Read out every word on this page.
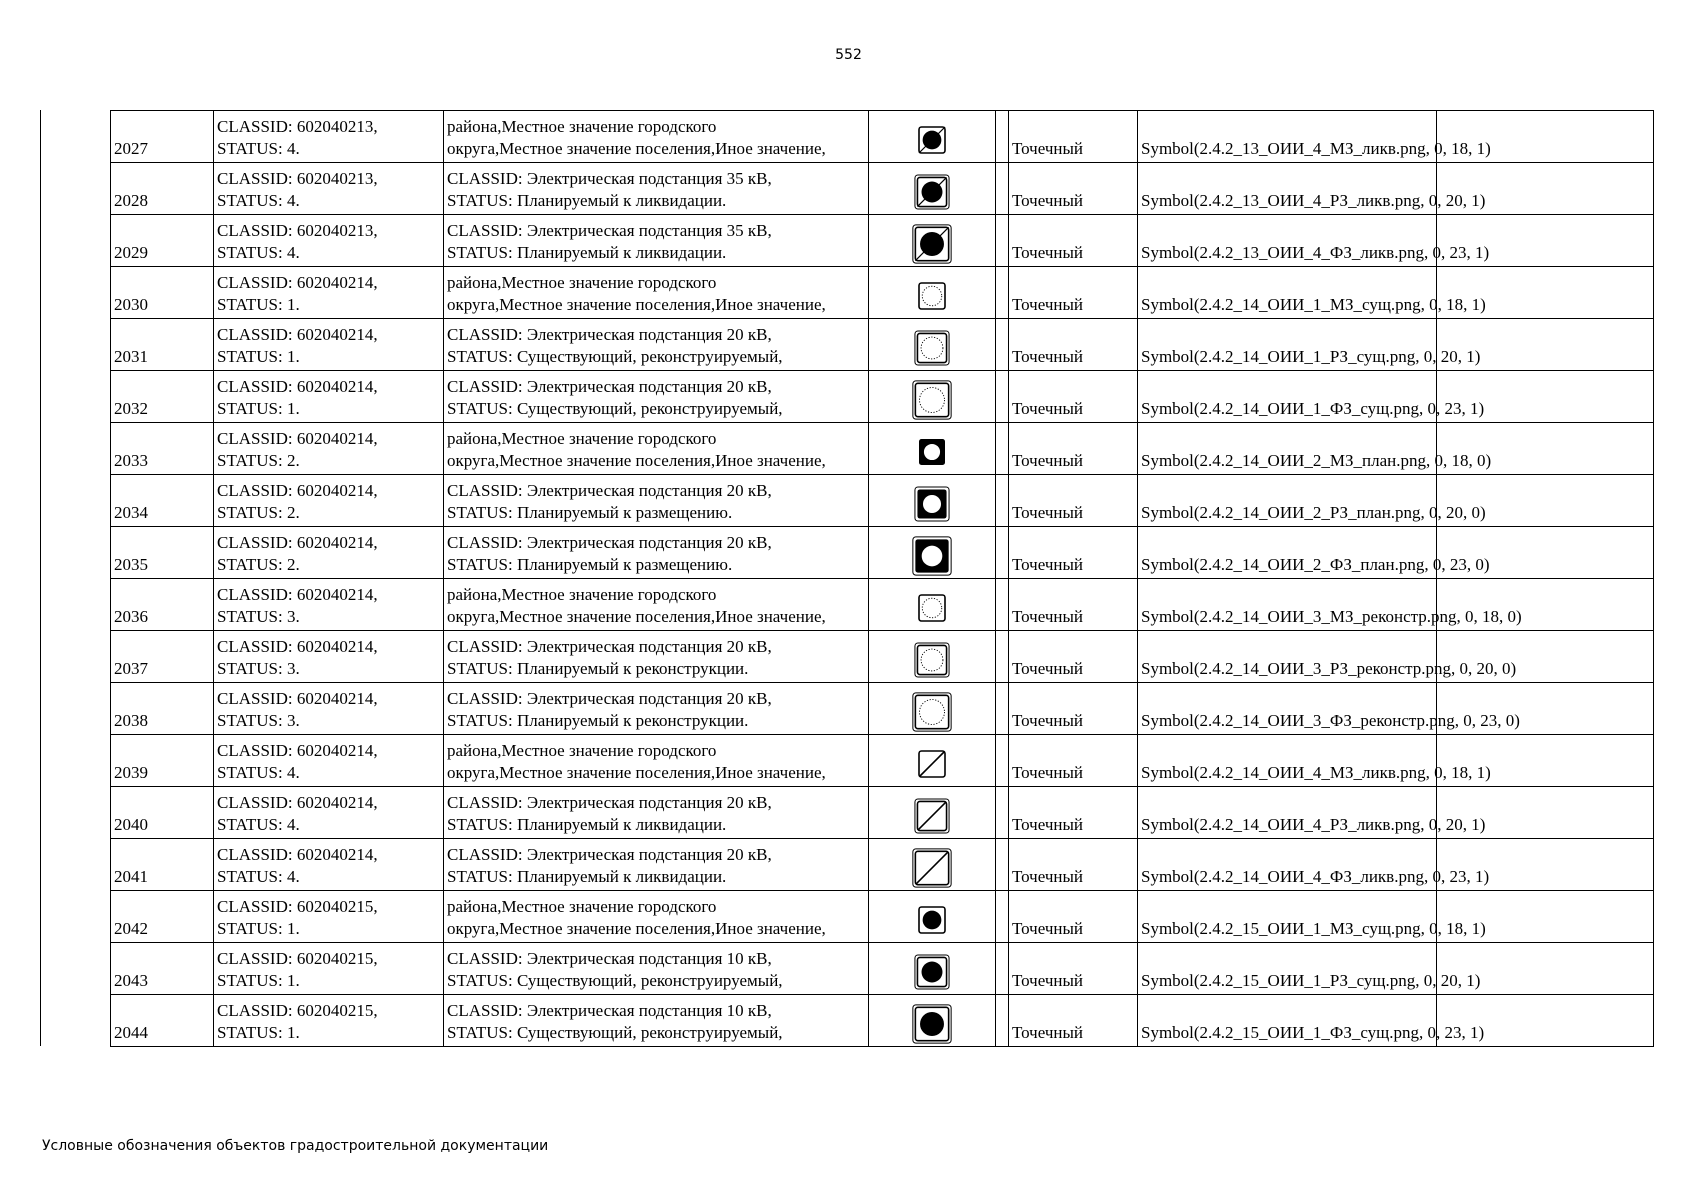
552
2027	CLASSID: 602040213,
STATUS: 4.	района,Местное значение городского
округа,Местное значение поселения,Иное значение,			Точечный	Symbol(2.4.2_13_ОИИ_4_МЗ_ликв.png, 0, 18, 1)	
2028	CLASSID: 602040213,
STATUS: 4.	CLASSID: Электрическая подстанция 35 кВ,
STATUS: Планируемый к ликвидации.			Точечный	Symbol(2.4.2_13_ОИИ_4_РЗ_ликв.png, 0, 20, 1)	
2029	CLASSID: 602040213,
STATUS: 4.	CLASSID: Электрическая подстанция 35 кВ,
STATUS: Планируемый к ликвидации.			Точечный	Symbol(2.4.2_13_ОИИ_4_ФЗ_ликв.png, 0, 23, 1)	
2030	CLASSID: 602040214,
STATUS: 1.	района,Местное значение городского
округа,Местное значение поселения,Иное значение,			Точечный	Symbol(2.4.2_14_ОИИ_1_МЗ_сущ.png, 0, 18, 1)	
2031	CLASSID: 602040214,
STATUS: 1.	CLASSID: Электрическая подстанция 20 кВ,
STATUS: Существующий, реконструируемый,			Точечный	Symbol(2.4.2_14_ОИИ_1_РЗ_сущ.png, 0, 20, 1)	
2032	CLASSID: 602040214,
STATUS: 1.	CLASSID: Электрическая подстанция 20 кВ,
STATUS: Существующий, реконструируемый,			Точечный	Symbol(2.4.2_14_ОИИ_1_ФЗ_сущ.png, 0, 23, 1)	
2033	CLASSID: 602040214,
STATUS: 2.	района,Местное значение городского
округа,Местное значение поселения,Иное значение,			Точечный	Symbol(2.4.2_14_ОИИ_2_МЗ_план.png, 0, 18, 0)	
2034	CLASSID: 602040214,
STATUS: 2.	CLASSID: Электрическая подстанция 20 кВ,
STATUS: Планируемый к размещению.			Точечный	Symbol(2.4.2_14_ОИИ_2_РЗ_план.png, 0, 20, 0)	
2035	CLASSID: 602040214,
STATUS: 2.	CLASSID: Электрическая подстанция 20 кВ,
STATUS: Планируемый к размещению.			Точечный	Symbol(2.4.2_14_ОИИ_2_ФЗ_план.png, 0, 23, 0)	
2036	CLASSID: 602040214,
STATUS: 3.	района,Местное значение городского
округа,Местное значение поселения,Иное значение,			Точечный	Symbol(2.4.2_14_ОИИ_3_МЗ_реконстр.png, 0, 18, 0)	
2037	CLASSID: 602040214,
STATUS: 3.	CLASSID: Электрическая подстанция 20 кВ,
STATUS: Планируемый к реконструкции.			Точечный	Symbol(2.4.2_14_ОИИ_3_РЗ_реконстр.png, 0, 20, 0)	
2038	CLASSID: 602040214,
STATUS: 3.	CLASSID: Электрическая подстанция 20 кВ,
STATUS: Планируемый к реконструкции.			Точечный	Symbol(2.4.2_14_ОИИ_3_ФЗ_реконстр.png, 0, 23, 0)	
2039	CLASSID: 602040214,
STATUS: 4.	района,Местное значение городского
округа,Местное значение поселения,Иное значение,			Точечный	Symbol(2.4.2_14_ОИИ_4_МЗ_ликв.png, 0, 18, 1)	
2040	CLASSID: 602040214,
STATUS: 4.	CLASSID: Электрическая подстанция 20 кВ,
STATUS: Планируемый к ликвидации.			Точечный	Symbol(2.4.2_14_ОИИ_4_РЗ_ликв.png, 0, 20, 1)	
2041	CLASSID: 602040214,
STATUS: 4.	CLASSID: Электрическая подстанция 20 кВ,
STATUS: Планируемый к ликвидации.			Точечный	Symbol(2.4.2_14_ОИИ_4_ФЗ_ликв.png, 0, 23, 1)	
2042	CLASSID: 602040215,
STATUS: 1.	района,Местное значение городского
округа,Местное значение поселения,Иное значение,			Точечный	Symbol(2.4.2_15_ОИИ_1_МЗ_сущ.png, 0, 18, 1)	
2043	CLASSID: 602040215,
STATUS: 1.	CLASSID: Электрическая подстанция 10 кВ,
STATUS: Существующий, реконструируемый,			Точечный	Symbol(2.4.2_15_ОИИ_1_РЗ_сущ.png, 0, 20, 1)	
2044	CLASSID: 602040215,
STATUS: 1.	CLASSID: Электрическая подстанция 10 кВ,
STATUS: Существующий, реконструируемый,			Точечный	Symbol(2.4.2_15_ОИИ_1_ФЗ_сущ.png, 0, 23, 1)	
Условные обозначения объектов градостроительной документации
